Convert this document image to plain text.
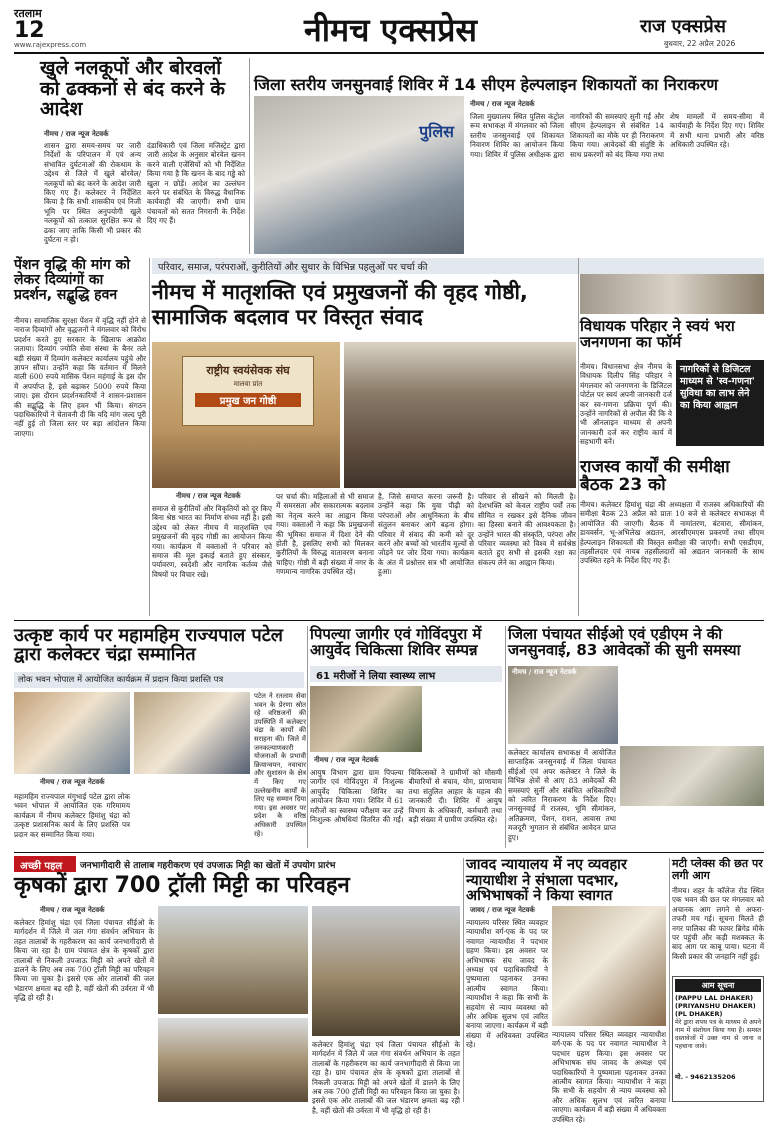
रतलाम
12
www.rajexpress.com	नीमच एक्सप्रेस	राज एक्सप्रेस
बुधवार, 22 अप्रैल 2026
खुले नलकूपों और बोरवलों को ढक्कनों से बंद करने के आदेश
नीमच / राज न्यूज नेटवर्क
शासन द्वारा समय-समय पर जारी निर्देशों के परिपालन में एवं अन्य संभावित दुर्घटनाओं की रोकथाम के उद्देश्य से जिले में खुले बोरवेल/नलकूपों को बंद करने के आदेश जारी किए गए हैं। कलेक्टर ने निर्देशित किया है कि सभी शासकीय एवं निजी भूमि पर स्थित अनुपयोगी खुले नलकूपों को तत्काल सुरक्षित रूप से ढका जाए ताकि किसी भी प्रकार की दुर्घटना न हो।
दंडाधिकारी एवं जिला मजिस्ट्रेट द्वारा जारी आदेश के अनुसार बोरवेल खनन करने वाली एजेंसियों को भी निर्देशित किया गया है कि खनन के बाद गड्ढे को खुला न छोड़ें। आदेश का उल्लंघन करने पर संबंधित के विरुद्ध वैधानिक कार्यवाही की जाएगी। सभी ग्राम पंचायतों को सतत निगरानी के निर्देश दिए गए हैं।
जिला स्तरीय जनसुनवाई शिविर में 14 सीएम हेल्पलाइन शिकायतों का निराकरण
पुलिस
नीमच / राज न्यूज नेटवर्क
जिला मुख्यालय स्थित पुलिस कंट्रोल रूम सभाकक्ष में मंगलवार को जिला स्तरीय जनसुनवाई एवं शिकायत निवारण शिविर का आयोजन किया गया। शिविर में पुलिस अधीक्षक द्वारा नागरिकों की समस्याएं सुनी गईं और सीएम हेल्पलाइन से संबंधित 14 शिकायतों का मौके पर ही निराकरण किया गया। आवेदकों की संतुष्टि के साथ प्रकरणों को बंद किया गया तथा शेष मामलों में समय-सीमा में कार्यवाही के निर्देश दिए गए। शिविर में सभी थाना प्रभारी और वरिष्ठ अधिकारी उपस्थित रहे।
पेंशन वृद्धि की मांग को लेकर दिव्यांगों का प्रदर्शन, सद्बुद्धि हवन
नीमच। सामाजिक सुरक्षा पेंशन में वृद्धि नहीं होने से नाराज दिव्यांगों और वृद्धजनों ने मंगलवार को विरोध प्रदर्शन करते हुए सरकार के खिलाफ आक्रोश जताया। दिव्यांग ज्योति सेवा संस्था के बैनर तले बड़ी संख्या में दिव्यांग कलेक्टर कार्यालय पहुंचे और ज्ञापन सौंपा। उन्होंने कहा कि वर्तमान में मिलने वाली 600 रुपये मासिक पेंशन महंगाई के इस दौर में अपर्याप्त है, इसे बढ़ाकर 5000 रुपये किया जाए। इस दौरान प्रदर्शनकारियों ने शासन-प्रशासन की सद्बुद्धि के लिए हवन भी किया। संगठन पदाधिकारियों ने चेतावनी दी कि यदि मांग जल्द पूरी नहीं हुई तो जिला स्तर पर बड़ा आंदोलन किया जाएगा।
परिवार, समाज, परंपराओं, कुरीतियों और सुधार के विभिन्न पहलुओं पर चर्चा की
नीमच में मातृशक्ति एवं प्रमुखजनों की वृहद गोष्ठी, सामाजिक बदलाव पर विस्तृत संवाद
राष्ट्रीय स्वयंसेवक संघ
मालवा प्रांत
प्रमुख जन गोष्ठी
नीमच / राज न्यूज नेटवर्क
समाज से कुरीतियों और विकृतियों को दूर किए बिना श्रेष्ठ भारत का निर्माण संभव नहीं है। इसी उद्देश्य को लेकर नीमच में मातृशक्ति एवं प्रमुखजनों की वृहद गोष्ठी का आयोजन किया गया। कार्यक्रम में वक्ताओं ने परिवार को समाज की मूल इकाई बताते हुए संस्कार, पर्यावरण, स्वदेशी और नागरिक कर्तव्य जैसे विषयों पर विचार रखे।
पर चर्चा की। महिलाओं से भी समाज में समरसता और सकारात्मक बदलाव का नेतृत्व करने का आह्वान किया गया। वक्ताओं ने कहा कि प्रमुखजनों की भूमिका समाज में दिशा देने की होती है, इसलिए सभी को मिलकर कुरीतियों के विरुद्ध वातावरण बनाना चाहिए। गोष्ठी में बड़ी संख्या में नगर के गणमान्य नागरिक उपस्थित रहे।
है, जिसे समाप्त करना जरूरी है। उन्होंने कहा कि युवा पीढ़ी को परंपराओं और आधुनिकता के बीच संतुलन बनाकर आगे बढ़ना होगा। परिवार में संवाद की कमी को दूर करने और बच्चों को भारतीय मूल्यों से जोड़ने पर जोर दिया गया। कार्यक्रम के अंत में प्रश्नोत्तर सत्र भी आयोजित हुआ।
परिवार से सीखने को मिलती है। देशभक्ति को केवल राष्ट्रीय पर्वों तक सीमित न रखकर इसे दैनिक जीवन का हिस्सा बनाने की आवश्यकता है। उन्होंने भारत की संस्कृति, परंपरा और परिवार व्यवस्था को विश्व में सर्वश्रेष्ठ बताते हुए सभी से इसकी रक्षा का संकल्प लेने का आह्वान किया।
विधायक परिहार ने स्वयं भरा जनगणना का फॉर्म
नागरिकों से डिजिटल माध्यम से 'स्व-गणना' सुविधा का लाभ लेने का किया आह्वान
नीमच। विधानसभा क्षेत्र नीमच के विधायक दिलीप सिंह परिहार ने मंगलवार को जनगणना के डिजिटल पोर्टल पर स्वयं अपनी जानकारी दर्ज कर स्व-गणना प्रक्रिया पूर्ण की। उन्होंने नागरिकों से अपील की कि वे भी ऑनलाइन माध्यम से अपनी जानकारी दर्ज कर राष्ट्रीय कार्य में सहभागी बनें।
राजस्व कार्यों की समीक्षा बैठक 23 को
नीमच। कलेक्टर हिमांशु चंद्रा की अध्यक्षता में राजस्व अधिकारियों की समीक्षा बैठक 23 अप्रैल को प्रातः 10 बजे से कलेक्टर सभाकक्ष में आयोजित की जाएगी। बैठक में नामांतरण, बंटवारा, सीमांकन, डायवर्सन, भू-अभिलेख अद्यतन, आरसीएमएस प्रकरणों तथा सीएम हेल्पलाइन शिकायतों की विस्तृत समीक्षा की जाएगी। सभी एसडीएम, तहसीलदार एवं नायब तहसीलदारों को अद्यतन जानकारी के साथ उपस्थित रहने के निर्देश दिए गए हैं।
उत्कृष्ट कार्य पर महामहिम राज्यपाल पटेल द्वारा कलेक्टर चंद्रा सम्मानित
लोक भवन भोपाल में आयोजित कार्यक्रम में प्रदान किया प्रशस्ति पत्र
नीमच / राज न्यूज नेटवर्क
महामहिम राज्यपाल मंगुभाई पटेल द्वारा लोक भवन भोपाल में आयोजित एक गरिमामय कार्यक्रम में नीमच कलेक्टर हिमांशु चंद्रा को उत्कृष्ट प्रशासनिक कार्य के लिए प्रशस्ति पत्र प्रदान कर सम्मानित किया गया।
पटेल ने रतलाम सेवा भवन के प्रेरणा स्रोत रहे वरिष्ठजनों की उपस्थिति में कलेक्टर चंद्रा के कार्यों की सराहना की। जिले में जनकल्याणकारी योजनाओं के प्रभावी क्रियान्वयन, नवाचार और सुशासन के क्षेत्र में किए गए उल्लेखनीय कार्यों के लिए यह सम्मान दिया गया। इस अवसर पर प्रदेश के वरिष्ठ अधिकारी उपस्थित रहे।
पिपल्या जागीर एवं गोविंदपुरा में आयुर्वेद चिकित्सा शिविर सम्पन्न
61 मरीजों ने लिया स्वास्थ्य लाभ
नीमच / राज न्यूज नेटवर्क
आयुष विभाग द्वारा ग्राम पिपल्या जागीर एवं गोविंदपुरा में निःशुल्क आयुर्वेद चिकित्सा शिविर का आयोजन किया गया। शिविर में 61 मरीजों का स्वास्थ्य परीक्षण कर उन्हें निःशुल्क औषधियां वितरित की गईं। चिकित्सकों ने ग्रामीणों को मौसमी बीमारियों से बचाव, योग, प्राणायाम तथा संतुलित आहार के महत्व की जानकारी दी। शिविर में आयुष विभाग के अधिकारी, कर्मचारी तथा बड़ी संख्या में ग्रामीण उपस्थित रहे।
जिला पंचायत सीईओ एवं एडीएम ने की जनसुनवाई, 83 आवेदकों की सुनी समस्या
नीमच / राज न्यूज नेटवर्क
कलेक्टर कार्यालय सभाकक्ष में आयोजित साप्ताहिक जनसुनवाई में जिला पंचायत सीईओ एवं अपर कलेक्टर ने जिले के विभिन्न क्षेत्रों से आए 83 आवेदकों की समस्याएं सुनीं और संबंधित अधिकारियों को त्वरित निराकरण के निर्देश दिए। जनसुनवाई में राजस्व, भूमि सीमांकन, अतिक्रमण, पेंशन, राशन, आवास तथा मजदूरी भुगतान से संबंधित आवेदन प्राप्त हुए।
अच्छी पहल	जनभागीदारी से तालाब गहरीकरण एवं उपजाऊ मिट्टी का खेतों में उपयोग प्रारंभ
कृषकों द्वारा 700 ट्रॉली मिट्टी का परिवहन
नीमच / राज न्यूज नेटवर्क
कलेक्टर हिमांशु चंद्रा एवं जिला पंचायत सीईओ के मार्गदर्शन में जिले में जल गंगा संवर्धन अभियान के तहत तालाबों के गहरीकरण का कार्य जनभागीदारी से किया जा रहा है। ग्राम पंचायत क्षेत्र के कृषकों द्वारा तालाबों से निकली उपजाऊ मिट्टी को अपने खेतों में डालने के लिए अब तक 700 ट्रॉली मिट्टी का परिवहन किया जा चुका है। इससे एक ओर तालाबों की जल भंडारण क्षमता बढ़ रही है, वहीं खेतों की उर्वरता में भी वृद्धि हो रही है।
कलेक्टर हिमांशु चंद्रा एवं जिला पंचायत सीईओ के मार्गदर्शन में जिले में जल गंगा संवर्धन अभियान के तहत तालाबों के गहरीकरण का कार्य जनभागीदारी से किया जा रहा है। ग्राम पंचायत क्षेत्र के कृषकों द्वारा तालाबों से निकली उपजाऊ मिट्टी को अपने खेतों में डालने के लिए अब तक 700 ट्रॉली मिट्टी का परिवहन किया जा चुका है। इससे एक ओर तालाबों की जल भंडारण क्षमता बढ़ रही है, वहीं खेतों की उर्वरता में भी वृद्धि हो रही है।
जावद न्यायालय में नए व्यवहार न्यायाधीश ने संभाला पदभार, अभिभाषकों ने किया स्वागत
जावद / राज न्यूज नेटवर्क
न्यायालय परिसर स्थित व्यवहार न्यायाधीश वर्ग-एक के पद पर नवागत न्यायाधीश ने पदभार ग्रहण किया। इस अवसर पर अभिभाषक संघ जावद के अध्यक्ष एवं पदाधिकारियों ने पुष्पमाला पहनाकर उनका आत्मीय स्वागत किया। न्यायाधीश ने कहा कि सभी के सहयोग से न्याय व्यवस्था को और अधिक सुलभ एवं त्वरित बनाया जाएगा। कार्यक्रम में बड़ी संख्या में अधिवक्ता उपस्थित रहे।
न्यायालय परिसर स्थित व्यवहार न्यायाधीश वर्ग-एक के पद पर नवागत न्यायाधीश ने पदभार ग्रहण किया। इस अवसर पर अभिभाषक संघ जावद के अध्यक्ष एवं पदाधिकारियों ने पुष्पमाला पहनाकर उनका आत्मीय स्वागत किया। न्यायाधीश ने कहा कि सभी के सहयोग से न्याय व्यवस्था को और अधिक सुलभ एवं त्वरित बनाया जाएगा। कार्यक्रम में बड़ी संख्या में अधिवक्ता उपस्थित रहे।
मटी प्लेक्स की छत पर लगी आग
नीमच। शहर के कॉलेज रोड स्थित एक भवन की छत पर मंगलवार को अचानक आग लगने से अफरा-तफरी मच गई। सूचना मिलते ही नगर पालिका की फायर ब्रिगेड मौके पर पहुंची और कड़ी मशक्कत के बाद आग पर काबू पाया। घटना में किसी प्रकार की जनहानि नहीं हुई।
आम सूचना
(PAPPU LAL DHAKER)
(PRIYANSHU DHAKER)
(PL DHAKER)
मेरे द्वारा शपथ पत्र के माध्यम से अपने नाम में संशोधन किया गया है। समस्त दस्तावेजों में उक्त नाम से जाना व पहचाना जावे।
मो. - 9462135206
